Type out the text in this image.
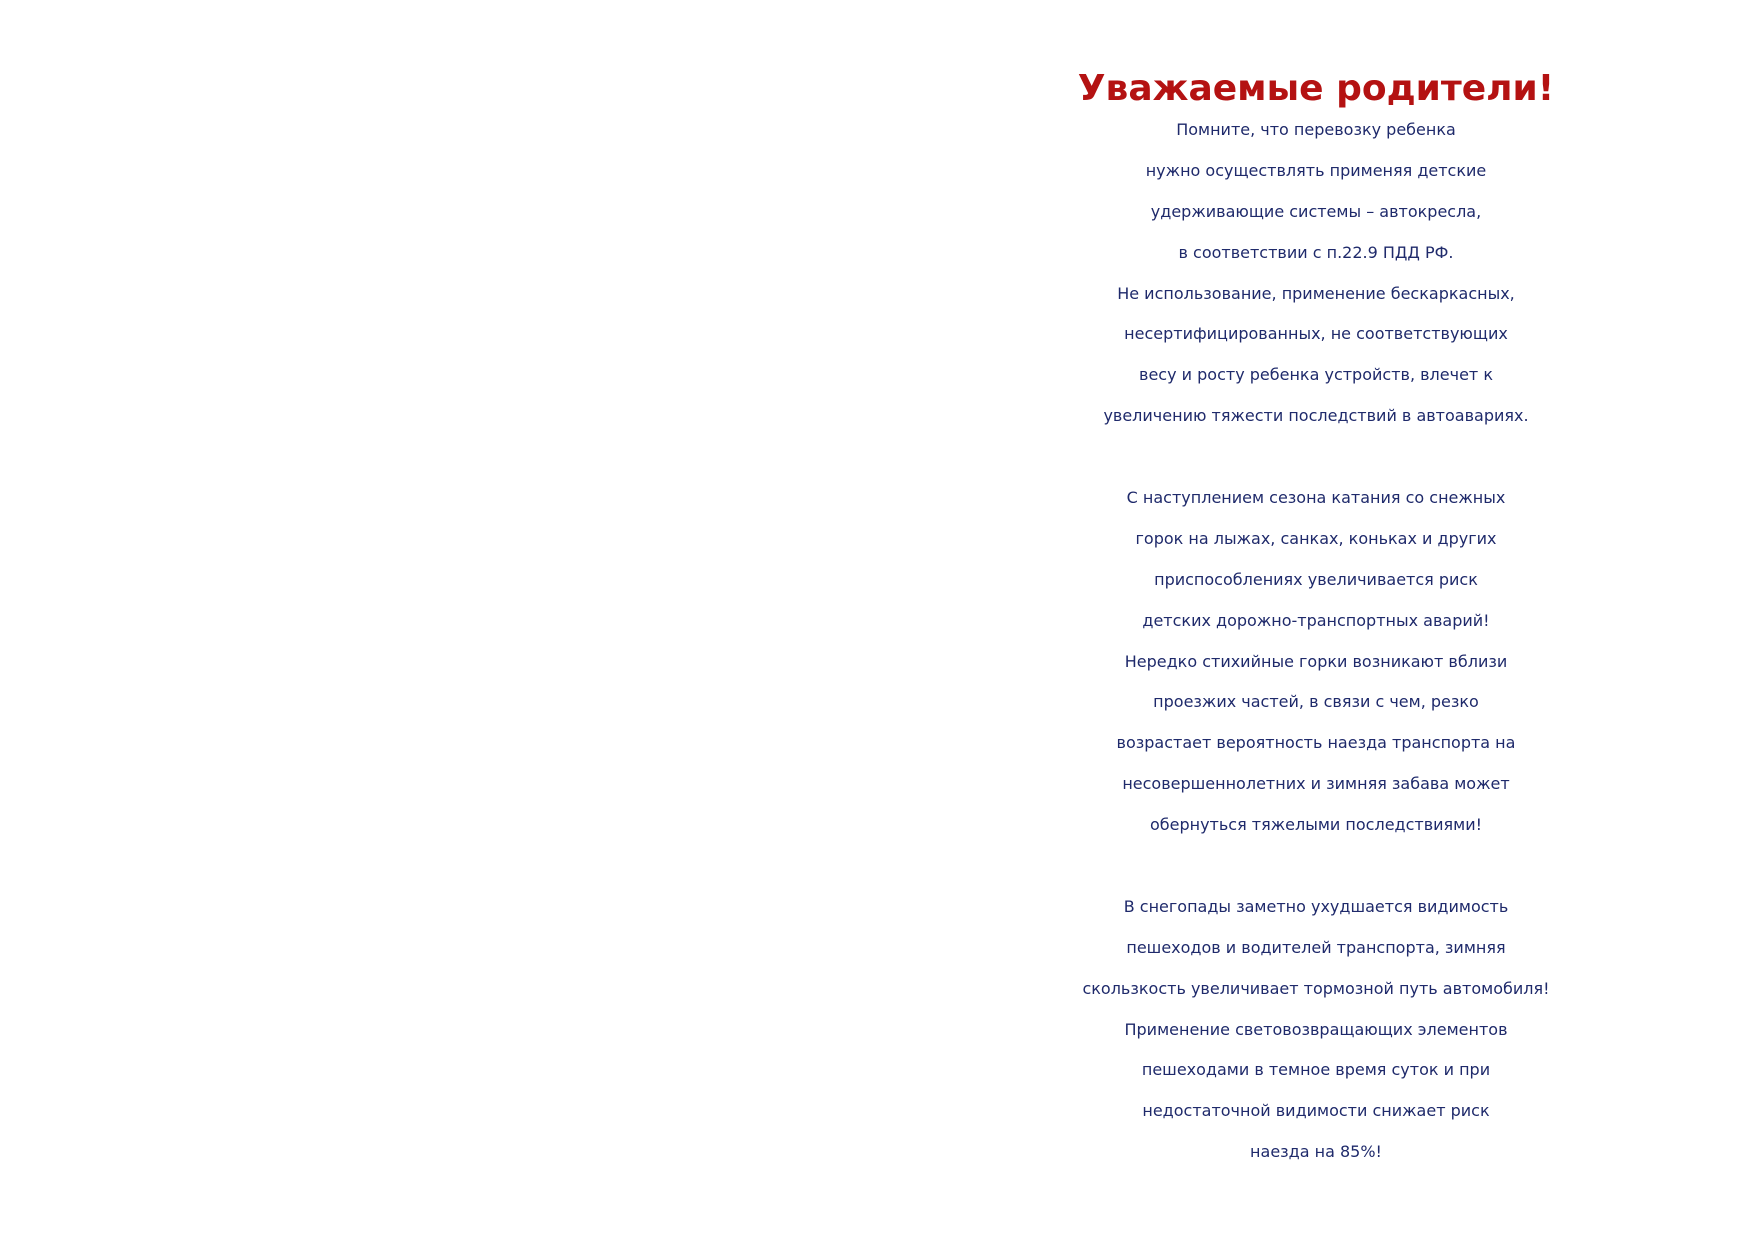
Уважаемые родители!

Помните, что перевозку ребенка

нужно осуществлять применяя детские

удерживающие системы – автокресла,

в соответствии с п.22.9 ПДД РФ.

Не использование, применение бескаркасных,

несертифицированных, не соответствующих

весу и росту ребенка устройств, влечет к

увеличению тяжести последствий в автоавариях.

С наступлением сезона катания со снежных

горок на лыжах, санках, коньках и других

приспособлениях увеличивается риск

детских дорожно-транспортных аварий!

Нередко стихийные горки возникают вблизи

проезжих частей, в связи с чем, резко

возрастает вероятность наезда транспорта на

несовершеннолетних и зимняя забава может

обернуться тяжелыми последствиями!

В снегопады заметно ухудшается видимость

пешеходов и водителей транспорта, зимняя

скользкость увеличивает тормозной путь автомобиля!

Применение световозвращающих элементов

пешеходами в темное время суток и при

недостаточной видимости снижает риск

наезда на 85%!
